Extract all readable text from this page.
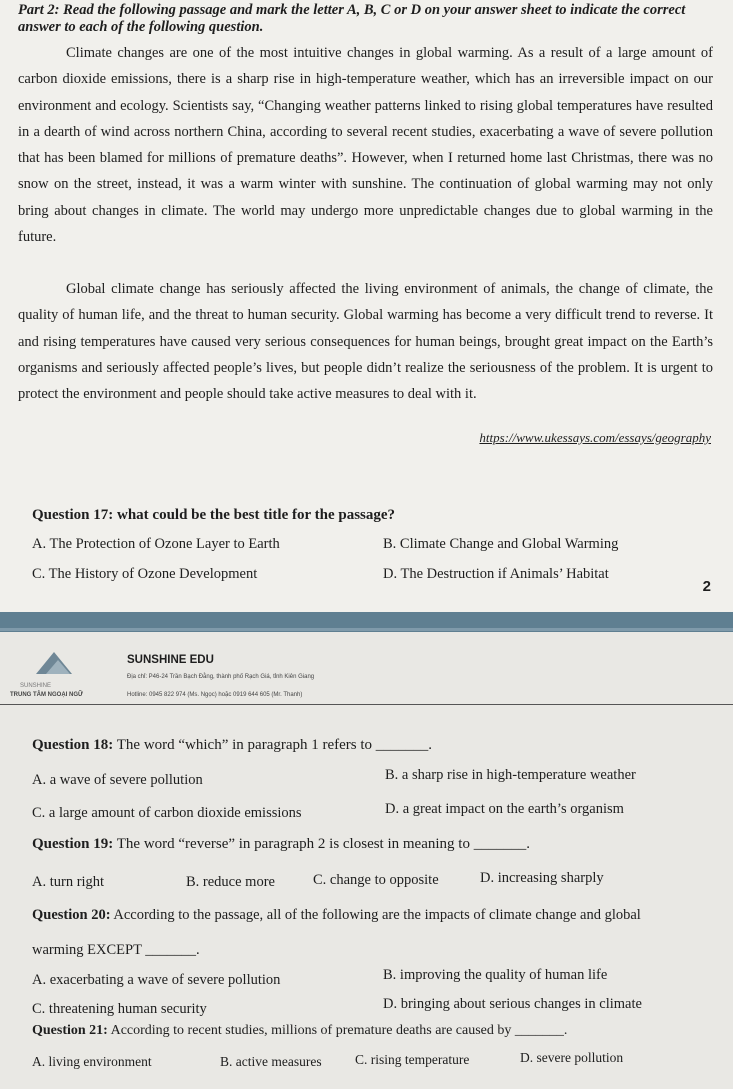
Part 2: Read the following passage and mark the letter A, B, C or D on your answer sheet to indicate the correct answer to each of the following question.

Climate changes are one of the most intuitive changes in global warming. As a result of a large amount of carbon dioxide emissions, there is a sharp rise in high-temperature weather, which has an irreversible impact on our environment and ecology. Scientists say, “Changing weather patterns linked to rising global temperatures have resulted in a dearth of wind across northern China, according to several recent studies, exacerbating a wave of severe pollution that has been blamed for millions of premature deaths”. However, when I returned home last Christmas, there was no snow on the street, instead, it was a warm winter with sunshine. The continuation of global warming may not only bring about changes in climate. The world may undergo more unpredictable changes due to global warming in the future.

Global climate change has seriously affected the living environment of animals, the change of climate, the quality of human life, and the threat to human security. Global warming has become a very difficult trend to reverse. It and rising temperatures have caused very serious consequences for human beings, brought great impact on the Earth’s organisms and seriously affected people’s lives, but people didn’t realize the seriousness of the problem. It is urgent to protect the environment and people should take active measures to deal with it.

https://www.ukessays.com/essays/geography
Question 17: what could be the best title for the passage?
A. The Protection of Ozone Layer to Earth	B. Climate Change and Global Warming
C. The History of Ozone Development	D. The Destruction if Animals’ Habitat
2
SUNSHINE
SUNSHINE EDU
Địa chỉ: P46-24 Trần Bạch Đằng, thành phố Rạch Giá, tỉnh Kiên Giang
TRUNG TÂM NGOẠI NGỮ	Hotline: 0945 822 974 (Ms. Ngọc) hoặc 0919 644 605 (Mr. Thanh)
Question 18: The word “which” in paragraph 1 refers to _______.
A. a wave of severe pollution	B. a sharp rise in high-temperature weather
C. a large amount of carbon dioxide emissions	D. a great impact on the earth’s organism
Question 19: The word “reverse” in paragraph 2 is closest in meaning to _______.
A. turn right	B. reduce more	C. change to opposite	D. increasing sharply
Question 20: According to the passage, all of the following are the impacts of climate change and global
warming EXCEPT _______.
A. exacerbating a wave of severe pollution	B. improving the quality of human life
C. threatening human security	D. bringing about serious changes in climate
Question 21: According to recent studies, millions of premature deaths are caused by _______.
A. living environment	B. active measures C. rising temperature	D. severe pollution
